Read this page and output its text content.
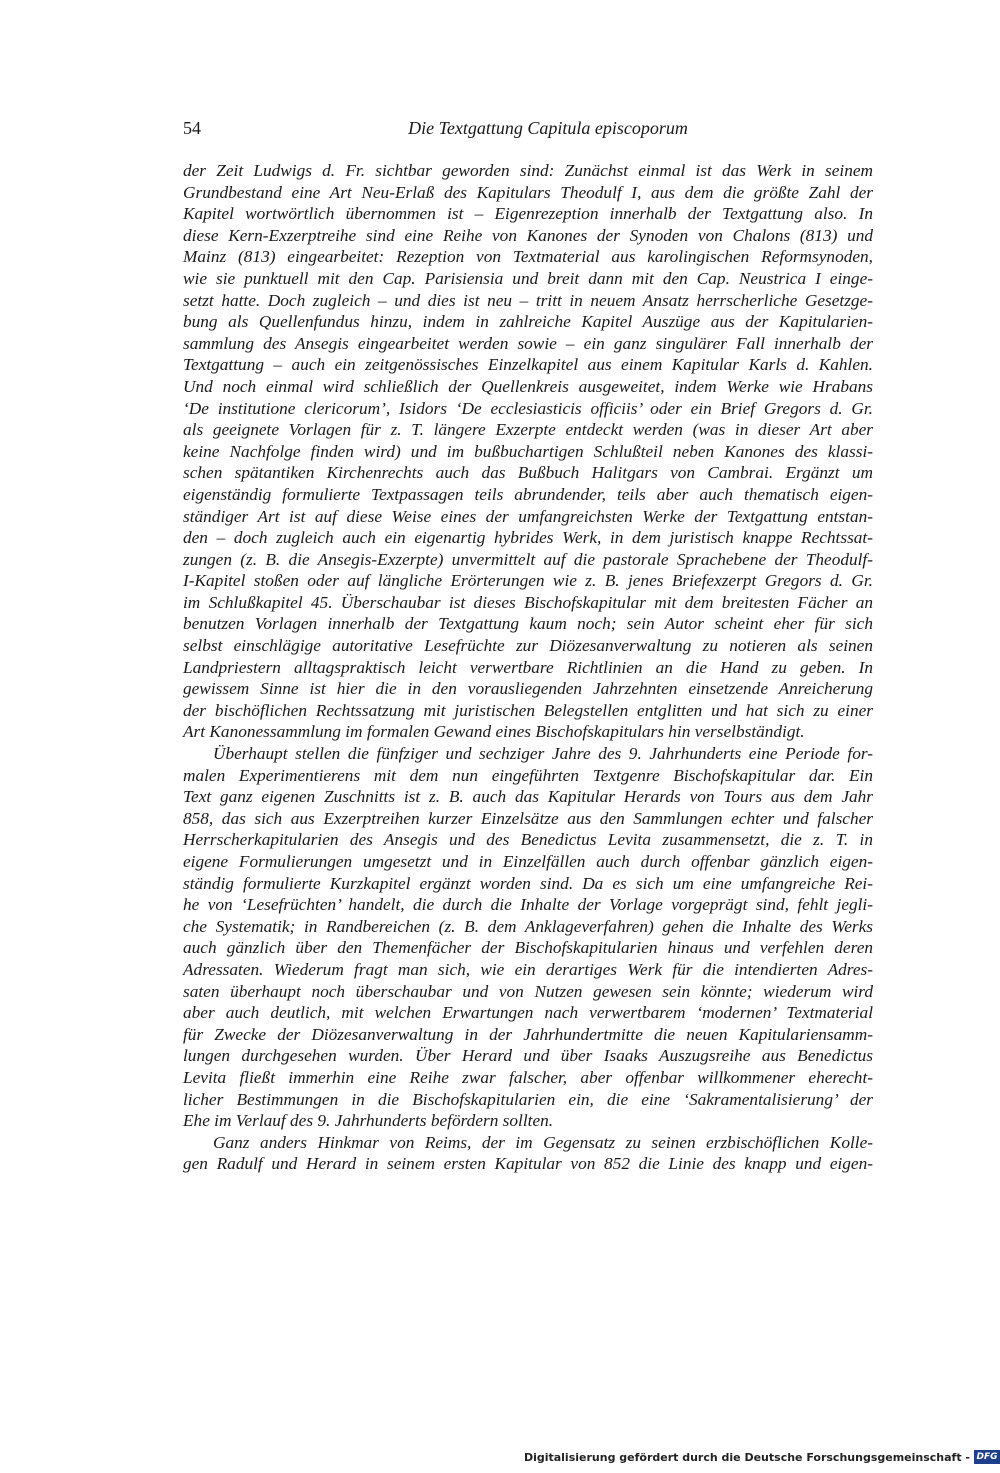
54	Die Textgattung Capitula episcoporum
der Zeit Ludwigs d. Fr. sichtbar geworden sind: Zunächst einmal ist das Werk in seinem
Grundbestand eine Art Neu-Erlaß des Kapitulars Theodulf I, aus dem die größte Zahl der
Kapitel wortwörtlich übernommen ist – Eigenrezeption innerhalb der Textgattung also. In
diese Kern-Exzerptreihe sind eine Reihe von Kanones der Synoden von Chalons (813) und
Mainz (813) eingearbeitet: Rezeption von Textmaterial aus karolingischen Reformsynoden,
wie sie punktuell mit den Cap. Parisiensia und breit dann mit den Cap. Neustrica I einge-
setzt hatte. Doch zugleich – und dies ist neu – tritt in neuem Ansatz herrscherliche Gesetzge-
bung als Quellenfundus hinzu, indem in zahlreiche Kapitel Auszüge aus der Kapitularien-
sammlung des Ansegis eingearbeitet werden sowie – ein ganz singulärer Fall innerhalb der
Textgattung – auch ein zeitgenössisches Einzelkapitel aus einem Kapitular Karls d. Kahlen.
Und noch einmal wird schließlich der Quellenkreis ausgeweitet, indem Werke wie Hrabans
‘De institutione clericorum’, Isidors ‘De ecclesiasticis officiis’ oder ein Brief Gregors d. Gr.
als geeignete Vorlagen für z. T. längere Exzerpte entdeckt werden (was in dieser Art aber
keine Nachfolge finden wird) und im bußbuchartigen Schlußteil neben Kanones des klassi-
schen spätantiken Kirchenrechts auch das Bußbuch Halitgars von Cambrai. Ergänzt um
eigenständig formulierte Textpassagen teils abrundender, teils aber auch thematisch eigen-
ständiger Art ist auf diese Weise eines der umfangreichsten Werke der Textgattung entstan-
den – doch zugleich auch ein eigenartig hybrides Werk, in dem juristisch knappe Rechtssat-
zungen (z. B. die Ansegis-Exzerpte) unvermittelt auf die pastorale Sprachebene der Theodulf-
I-Kapitel stoßen oder auf längliche Erörterungen wie z. B. jenes Briefexzerpt Gregors d. Gr.
im Schlußkapitel 45. Überschaubar ist dieses Bischofskapitular mit dem breitesten Fächer an
benutzen Vorlagen innerhalb der Textgattung kaum noch; sein Autor scheint eher für sich
selbst einschlägige autoritative Lesefrüchte zur Diözesanverwaltung zu notieren als seinen
Landpriestern alltagspraktisch leicht verwertbare Richtlinien an die Hand zu geben. In
gewissem Sinne ist hier die in den vorausliegenden Jahrzehnten einsetzende Anreicherung
der bischöflichen Rechtssatzung mit juristischen Belegstellen entglitten und hat sich zu einer
Art Kanonessammlung im formalen Gewand eines Bischofskapitulars hin verselbständigt.
Überhaupt stellen die fünfziger und sechziger Jahre des 9. Jahrhunderts eine Periode for-
malen Experimentierens mit dem nun eingeführten Textgenre Bischofskapitular dar. Ein
Text ganz eigenen Zuschnitts ist z. B. auch das Kapitular Herards von Tours aus dem Jahr
858, das sich aus Exzerptreihen kurzer Einzelsätze aus den Sammlungen echter und falscher
Herrscherkapitularien des Ansegis und des Benedictus Levita zusammensetzt, die z. T. in
eigene Formulierungen umgesetzt und in Einzelfällen auch durch offenbar gänzlich eigen-
ständig formulierte Kurzkapitel ergänzt worden sind. Da es sich um eine umfangreiche Rei-
he von ‘Lesefrüchten’ handelt, die durch die Inhalte der Vorlage vorgeprägt sind, fehlt jegli-
che Systematik; in Randbereichen (z. B. dem Anklageverfahren) gehen die Inhalte des Werks
auch gänzlich über den Themenfächer der Bischofskapitularien hinaus und verfehlen deren
Adressaten. Wiederum fragt man sich, wie ein derartiges Werk für die intendierten Adres-
saten überhaupt noch überschaubar und von Nutzen gewesen sein könnte; wiederum wird
aber auch deutlich, mit welchen Erwartungen nach verwertbarem ‘modernen’ Textmaterial
für Zwecke der Diözesanverwaltung in der Jahrhundertmitte die neuen Kapitulariensamm-
lungen durchgesehen wurden. Über Herard und über Isaaks Auszugsreihe aus Benedictus
Levita fließt immerhin eine Reihe zwar falscher, aber offenbar willkommener eherecht-
licher Bestimmungen in die Bischofskapitularien ein, die eine ‘Sakramentalisierung’ der
Ehe im Verlauf des 9. Jahrhunderts befördern sollten.
Ganz anders Hinkmar von Reims, der im Gegensatz zu seinen erzbischöflichen Kolle-
gen Radulf und Herard in seinem ersten Kapitular von 852 die Linie des knapp und eigen-
Digitalisierung gefördert durch die Deutsche Forschungsgemeinschaft - DFG
